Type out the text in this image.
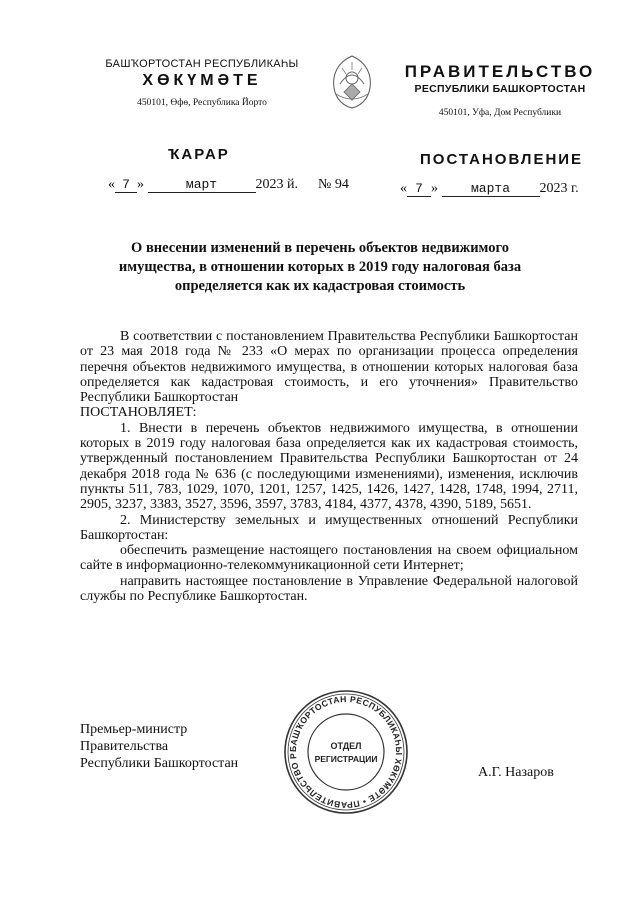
БАШҠОРТОСТАН РЕСПУБЛИКАҺЫ
ХӨКҮМӘТЕ
450101, Өфө, Республика Йорто
ПРАВИТЕЛЬСТВО
РЕСПУБЛИКИ БАШКОРТОСТАН
450101, Уфа, Дом Республики
ҠАРАР	ПОСТАНОВЛЕНИЕ
« 7 »	март	2023 й. № 94	« 7 »	марта 2023 г.
О внесении изменений в перечень объектов недвижимого
имущества, в отношении которых в 2019 году налоговая база
определяется как их кадастровая стоимость

В соответствии с постановлением Правительства Республики Башкортостан от 23 мая 2018 года № 233 «О мерах по организации процесса определения перечня объектов недвижимого имущества, в отношении которых налоговая база определяется как кадастровая стоимость, и его уточнения» Правительство Республики Башкортостан

ПОСТАНОВЛЯЕТ:

1. Внести в перечень объектов недвижимого имущества, в отношении которых в 2019 году налоговая база определяется как их кадастровая стоимость, утвержденный постановлением Правительства Республики Башкортостан от 24 декабря 2018 года № 636 (с последующими изменениями), изменения, исключив пункты 511, 783, 1029, 1070, 1201, 1257, 1425, 1426, 1427, 1428, 1748, 1994, 2711, 2905, 3237, 3383, 3527, 3596, 3597, 3783, 4184, 4377, 4378, 4390, 5189, 5651.

2. Министерству земельных и имущественных отношений Республики Башкортостан:

обеспечить размещение настоящего постановления на своем официальном сайте в информационно-телекоммуникационной сети Интернет;

направить настоящее постановление в Управление Федеральной налоговой службы по Республике Башкортостан.

БАШҠОРТОСТАН РЕСПУБЛИКАҺЫ ХӨКҮМӘТЕ • ПРАВИТЕЛЬСТВО Р
ОТДЕЛ
РЕГИСТРАЦИИ
Премьер-министр
Правительства
Республики Башкортостан
А.Г. Назаров
